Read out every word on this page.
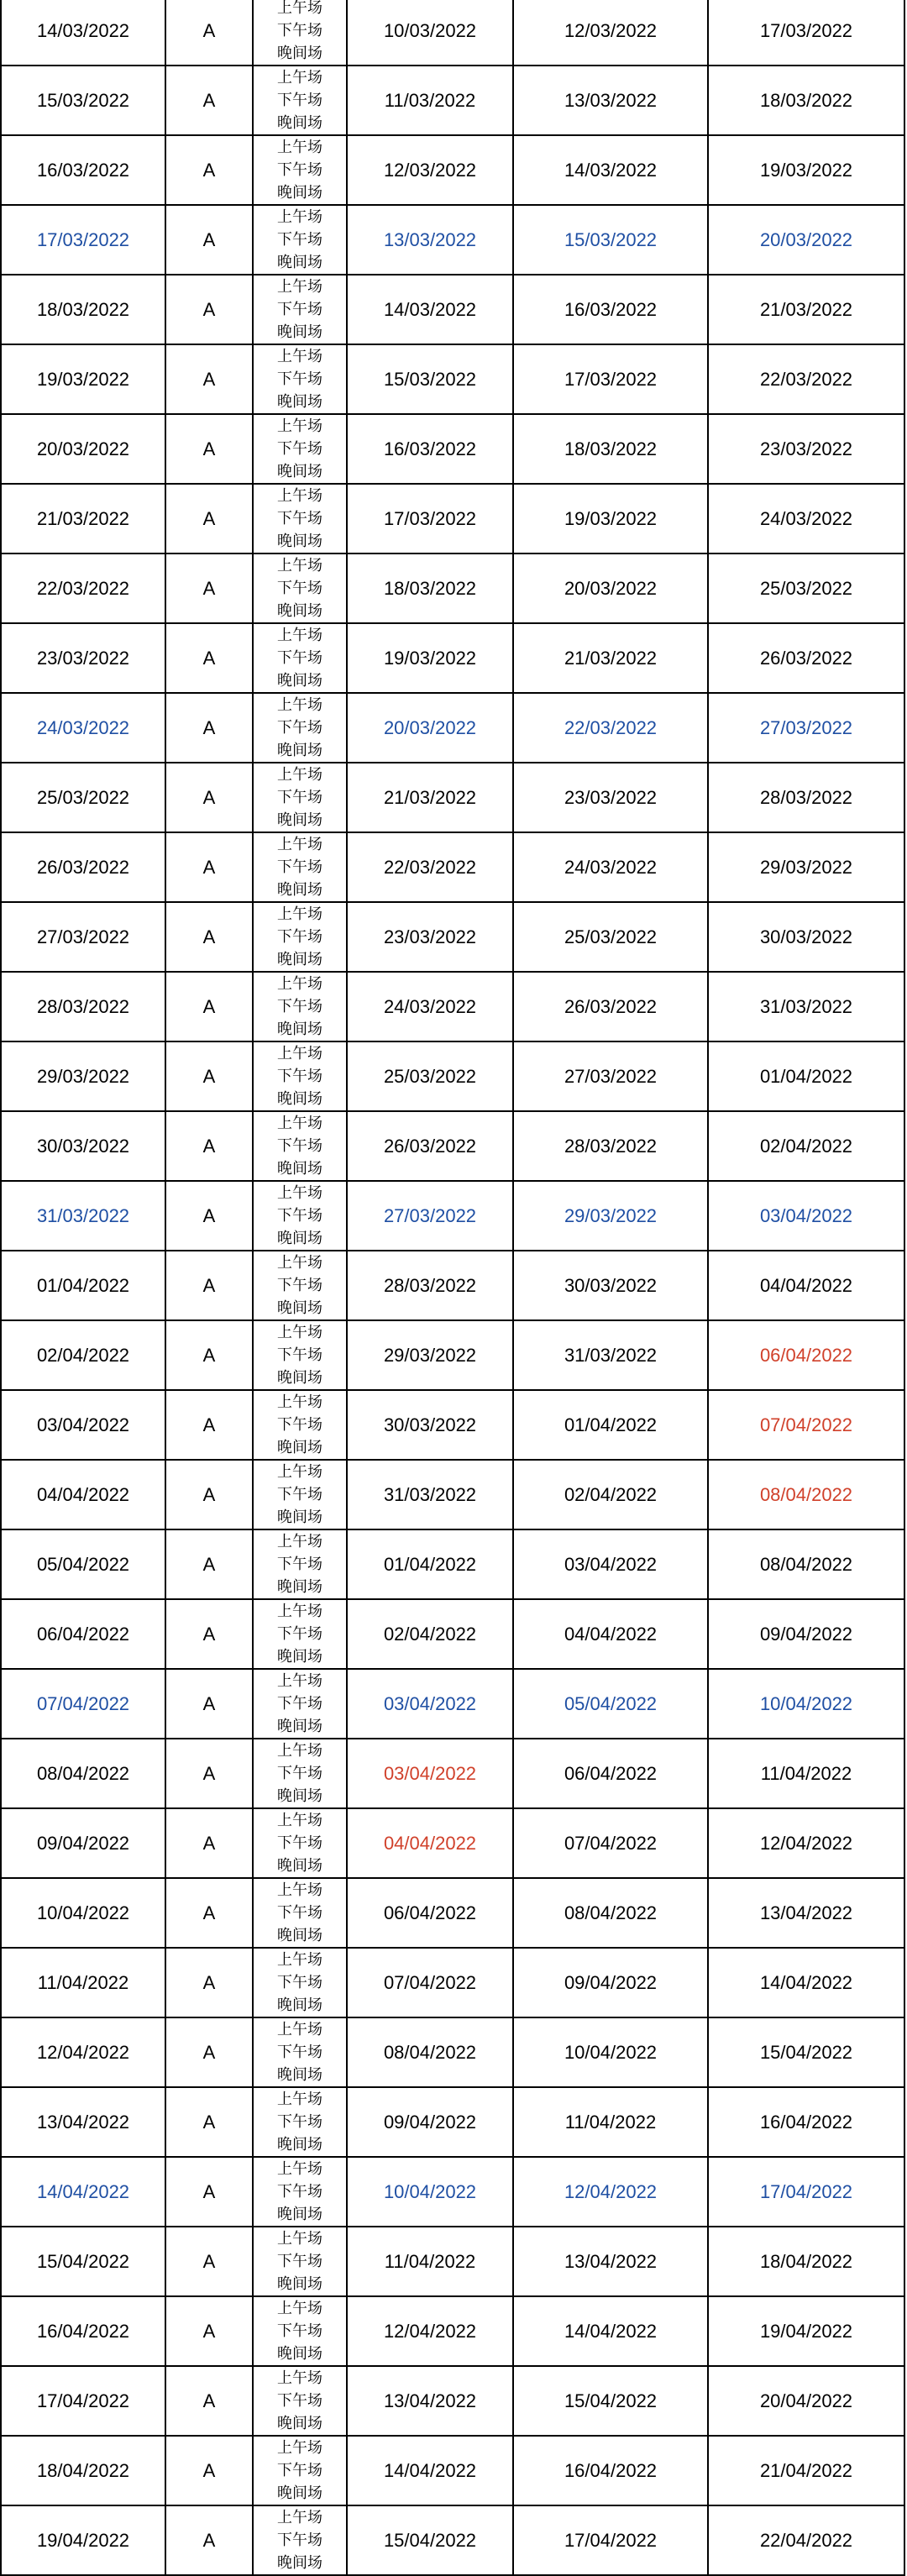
14/03/2022	A	上午场
下午场
晚间场	10/03/2022	12/03/2022	17/03/2022
15/03/2022	A	上午场
下午场
晚间场	11/03/2022	13/03/2022	18/03/2022
16/03/2022	A	上午场
下午场
晚间场	12/03/2022	14/03/2022	19/03/2022
17/03/2022	A	上午场
下午场
晚间场	13/03/2022	15/03/2022	20/03/2022
18/03/2022	A	上午场
下午场
晚间场	14/03/2022	16/03/2022	21/03/2022
19/03/2022	A	上午场
下午场
晚间场	15/03/2022	17/03/2022	22/03/2022
20/03/2022	A	上午场
下午场
晚间场	16/03/2022	18/03/2022	23/03/2022
21/03/2022	A	上午场
下午场
晚间场	17/03/2022	19/03/2022	24/03/2022
22/03/2022	A	上午场
下午场
晚间场	18/03/2022	20/03/2022	25/03/2022
23/03/2022	A	上午场
下午场
晚间场	19/03/2022	21/03/2022	26/03/2022
24/03/2022	A	上午场
下午场
晚间场	20/03/2022	22/03/2022	27/03/2022
25/03/2022	A	上午场
下午场
晚间场	21/03/2022	23/03/2022	28/03/2022
26/03/2022	A	上午场
下午场
晚间场	22/03/2022	24/03/2022	29/03/2022
27/03/2022	A	上午场
下午场
晚间场	23/03/2022	25/03/2022	30/03/2022
28/03/2022	A	上午场
下午场
晚间场	24/03/2022	26/03/2022	31/03/2022
29/03/2022	A	上午场
下午场
晚间场	25/03/2022	27/03/2022	01/04/2022
30/03/2022	A	上午场
下午场
晚间场	26/03/2022	28/03/2022	02/04/2022
31/03/2022	A	上午场
下午场
晚间场	27/03/2022	29/03/2022	03/04/2022
01/04/2022	A	上午场
下午场
晚间场	28/03/2022	30/03/2022	04/04/2022
02/04/2022	A	上午场
下午场
晚间场	29/03/2022	31/03/2022	06/04/2022
03/04/2022	A	上午场
下午场
晚间场	30/03/2022	01/04/2022	07/04/2022
04/04/2022	A	上午场
下午场
晚间场	31/03/2022	02/04/2022	08/04/2022
05/04/2022	A	上午场
下午场
晚间场	01/04/2022	03/04/2022	08/04/2022
06/04/2022	A	上午场
下午场
晚间场	02/04/2022	04/04/2022	09/04/2022
07/04/2022	A	上午场
下午场
晚间场	03/04/2022	05/04/2022	10/04/2022
08/04/2022	A	上午场
下午场
晚间场	03/04/2022	06/04/2022	11/04/2022
09/04/2022	A	上午场
下午场
晚间场	04/04/2022	07/04/2022	12/04/2022
10/04/2022	A	上午场
下午场
晚间场	06/04/2022	08/04/2022	13/04/2022
11/04/2022	A	上午场
下午场
晚间场	07/04/2022	09/04/2022	14/04/2022
12/04/2022	A	上午场
下午场
晚间场	08/04/2022	10/04/2022	15/04/2022
13/04/2022	A	上午场
下午场
晚间场	09/04/2022	11/04/2022	16/04/2022
14/04/2022	A	上午场
下午场
晚间场	10/04/2022	12/04/2022	17/04/2022
15/04/2022	A	上午场
下午场
晚间场	11/04/2022	13/04/2022	18/04/2022
16/04/2022	A	上午场
下午场
晚间场	12/04/2022	14/04/2022	19/04/2022
17/04/2022	A	上午场
下午场
晚间场	13/04/2022	15/04/2022	20/04/2022
18/04/2022	A	上午场
下午场
晚间场	14/04/2022	16/04/2022	21/04/2022
19/04/2022	A	上午场
下午场
晚间场	15/04/2022	17/04/2022	22/04/2022
